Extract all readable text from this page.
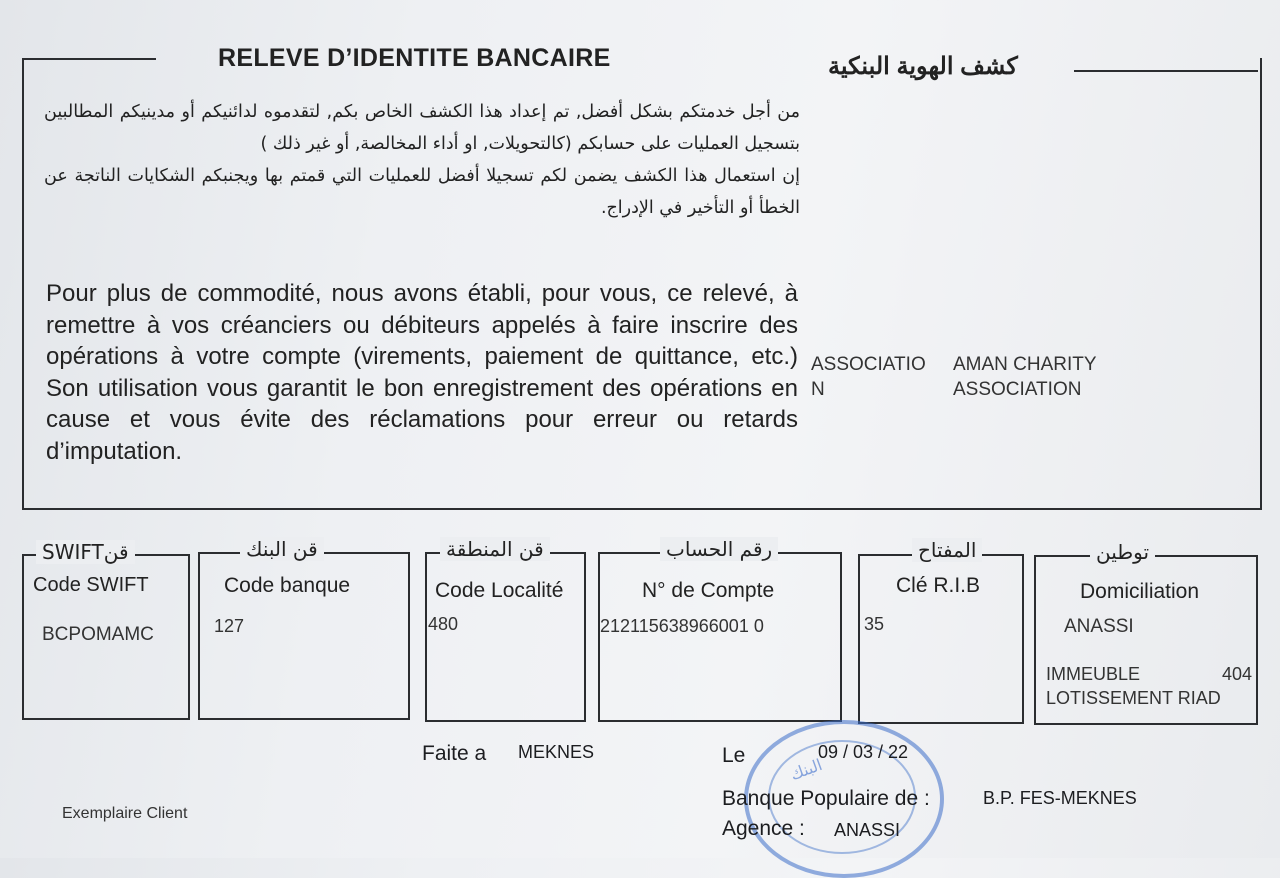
RELEVE D’IDENTITE BANCAIRE	كشف الهوية البنكية

من أجل خدمتكم بشكل أفضل, تم إعداد هذا الكشف الخاص بكم, لتقدموه لدائنيكم أو مدينيكم المطالبين بتسجيل العمليات على حسابكم (كالتحويلات, او أداء المخالصة, أو غير ذلك )

إن استعمال هذا الكشف يضمن لكم تسجيلا أفضل للعمليات التي قمتم بها ويجنبكم الشكايات الناتجة عن الخطأ أو التأخير في الإدراج.

Pour plus de commodité, nous avons établi, pour vous, ce relevé, à remettre à vos créanciers ou débiteurs appelés à faire inscrire des opérations à votre compte (virements, paiement de quittance, etc.) Son utilisation vous garantit le bon enregistrement des opérations en cause et vous évite des réclamations pour erreur ou retards d’imputation.
ASSOCIATIO N
AMAN CHARITY ASSOCIATION
SWIFTقن
Code SWIFT
BCPOMAMC
قن البنك
Code banque
127
قن المنطقة
Code Localité
480
رقم الحساب
N° de Compte
212115638966001 0
المفتاح
Clé R.I.B
35
توطين
Domiciliation
ANASSI
IMMEUBLE	404
LOTISSEMENT RIAD
Faite a MEKNES
البنك
Le	09 / 03 / 22
Banque Populaire de :	B.P. FES-MEKNES
Agence : ANASSI
Exemplaire Client
